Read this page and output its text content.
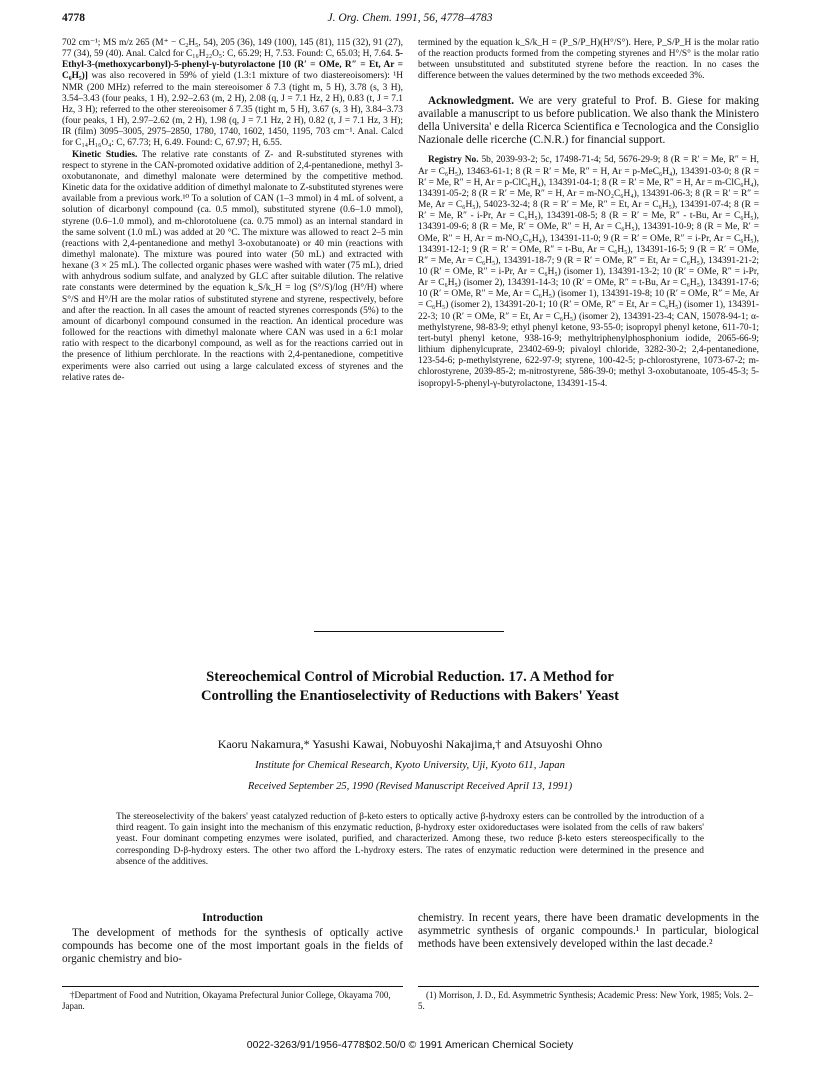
4778	J. Org. Chem. 1991, 56, 4778–4783

702 cm⁻¹; MS m/z 265 (M⁺ − C₂H₅, 54), 205 (36), 149 (100), 145 (81), 115 (32), 91 (27), 77 (34), 59 (40). Anal. Calcd for C₁₆H₂₂O₅: C, 65.29; H, 7.53. Found: C, 65.03; H, 7.64. 5-Ethyl-3-(methoxycarbonyl)-5-phenyl-γ-butyrolactone [10 (R′ = OMe, R″ = Et, Ar = C₆H₅)] was also recovered in 59% of yield (1.3:1 mixture of two diastereoisomers): ¹H NMR (200 MHz) referred to the main stereoisomer δ 7.3 (tight m, 5 H), 3.78 (s, 3 H), 3.54–3.43 (four peaks, 1 H), 2.92–2.63 (m, 2 H), 2.08 (q, J = 7.1 Hz, 2 H), 0.83 (t, J = 7.1 Hz, 3 H); referred to the other stereoisomer δ 7.35 (tight m, 5 H), 3.67 (s, 3 H), 3.84–3.73 (four peaks, 1 H), 2.97–2.62 (m, 2 H), 1.98 (q, J = 7.1 Hz, 2 H), 0.82 (t, J = 7.1 Hz, 3 H); IR (film) 3095–3005, 2975–2850, 1780, 1740, 1602, 1450, 1195, 703 cm⁻¹. Anal. Calcd for C₁₄H₁₆O₄: C, 67.73; H, 6.49. Found: C, 67.97; H, 6.55.

Kinetic Studies. The relative rate constants of Z- and R-substituted styrenes with respect to styrene in the CAN-promoted oxidative addition of 2,4-pentanedione, methyl 3-oxobutanonate, and dimethyl malonate were determined by the competitive method. Kinetic data for the oxidative addition of dimethyl malonate to Z-substituted styrenes were available from a previous work.¹⁰ To a solution of CAN (1–3 mmol) in 4 mL of solvent, a solution of dicarbonyl compound (ca. 0.5 mmol), substituted styrene (0.6–1.0 mmol), styrene (0.6–1.0 mmol), and m-chlorotoluene (ca. 0.75 mmol) as an internal standard in the same solvent (1.0 mL) was added at 20 °C. The mixture was allowed to react 2–5 min (reactions with 2,4-pentanedione and methyl 3-oxobutanoate) or 40 min (reactions with dimethyl malonate). The mixture was poured into water (50 mL) and extracted with hexane (3 × 25 mL). The collected organic phases were washed with water (75 mL), dried with anhydrous sodium sulfate, and analyzed by GLC after suitable dilution. The relative rate constants were determined by the equation k_S/k_H = log (S°/S)/log (H°/H) where S°/S and H°/H are the molar ratios of substituted styrene and styrene, respectively, before and after the reaction. In all cases the amount of reacted styrenes corresponds (5%) to the amount of dicarbonyl compound consumed in the reaction. An identical procedure was followed for the reactions with dimethyl malonate where CAN was used in a 6:1 molar ratio with respect to the dicarbonyl compound, as well as for the reactions carried out in the presence of lithium perchlorate. In the reactions with 2,4-pentanedione, competitive experiments were also carried out using a large calculated excess of styrenes and the relative rates de-

termined by the equation k_S/k_H = (P_S/P_H)(H°/S°). Here, P_S/P_H is the molar ratio of the reaction products formed from the competing styrenes and H°/S° is the molar ratio between unsubstituted and substituted styrene before the reaction. In no cases the difference between the values determined by the two methods exceeded 3%.

Acknowledgment. We are very grateful to Prof. B. Giese for making available a manuscript to us before publication. We also thank the Ministero della Universita' e della Ricerca Scientifica e Tecnologica and the Consiglio Nazionale delle ricerche (C.N.R.) for financial support.

Registry No. 5b, 2039-93-2; 5c, 17498-71-4; 5d, 5676-29-9; 8 (R = R′ = Me, R″ = H, Ar = C₆H₅), 13463-61-1; 8 (R = R′ = Me, R″ = H, Ar = p-MeC₆H₄), 134391-03-0; 8 (R = R′ = Me, R″ = H, Ar = p-ClC₆H₄), 134391-04-1; 8 (R = R′ = Me, R″ = H, Ar = m-ClC₆H₄), 134391-05-2; 8 (R = R′ = Me, R″ = H, Ar = m-NO₂C₆H₄), 134391-06-3; 8 (R = R′ = R″ = Me, Ar = C₆H₅), 54023-32-4; 8 (R = R′ = Me, R″ = Et, Ar = C₆H₅), 134391-07-4; 8 (R = R′ = Me, R″ - i-Pr, Ar = C₆H₅), 134391-08-5; 8 (R = R′ = Me, R″ - t-Bu, Ar = C₆H₅), 134391-09-6; 8 (R = Me, R′ = OMe, R″ = H, Ar = C₆H₅), 134391-10-9; 8 (R = Me, R′ = OMe, R″ = H, Ar = m-NO₂C₆H₄), 134391-11-0; 9 (R = R′ = OMe, R″ = i-Pr, Ar = C₆H₅), 134391-12-1; 9 (R = R′ = OMe, R″ = t-Bu, Ar = C₆H₅), 134391-16-5; 9 (R = R′ = OMe, R″ = Me, Ar = C₆H₅), 134391-18-7; 9 (R = R′ = OMe, R″ = Et, Ar = C₆H₅), 134391-21-2; 10 (R′ = OMe, R″ = i-Pr, Ar = C₆H₅) (isomer 1), 134391-13-2; 10 (R′ = OMe, R″ = i-Pr, Ar = C₆H₅) (isomer 2), 134391-14-3; 10 (R′ = OMe, R″ = t-Bu, Ar = C₆H₅), 134391-17-6; 10 (R′ = OMe, R″ = Me, Ar = C₆H₅) (isomer 1), 134391-19-8; 10 (R′ = OMe, R″ = Me, Ar = C₆H₅) (isomer 2), 134391-20-1; 10 (R′ = OMe, R″ = Et, Ar = C₆H₅) (isomer 1), 134391-22-3; 10 (R′ = OMe, R″ = Et, Ar = C₆H₅) (isomer 2), 134391-23-4; CAN, 15078-94-1; α-methylstyrene, 98-83-9; ethyl phenyl ketone, 93-55-0; isopropyl phenyl ketone, 611-70-1; tert-butyl phenyl ketone, 938-16-9; methyltriphenylphosphonium iodide, 2065-66-9; lithium diphenylcuprate, 23402-69-9; pivaloyl chloride, 3282-30-2; 2,4-pentanedione, 123-54-6; p-methylstyrene, 622-97-9; styrene, 100-42-5; p-chlorostyrene, 1073-67-2; m-chlorostyrene, 2039-85-2; m-nitrostyrene, 586-39-0; methyl 3-oxobutanoate, 105-45-3; 5-isopropyl-5-phenyl-γ-butyrolactone, 134391-15-4.

Stereochemical Control of Microbial Reduction. 17. A Method for
Controlling the Enantioselectivity of Reductions with Bakers' Yeast
Kaoru Nakamura,* Yasushi Kawai, Nobuyoshi Nakajima,† and Atsuyoshi Ohno
Institute for Chemical Research, Kyoto University, Uji, Kyoto 611, Japan
Received September 25, 1990 (Revised Manuscript Received April 13, 1991)
The stereoselectivity of the bakers' yeast catalyzed reduction of β-keto esters to optically active β-hydroxy esters can be controlled by the introduction of a third reagent. To gain insight into the mechanism of this enzymatic reduction, β-hydroxy ester oxidoreductases were isolated from the cells of raw bakers' yeast. Four dominant competing enzymes were isolated, purified, and characterized. Among these, two reduce β-keto esters stereospecifically to the corresponding D-β-hydroxy esters. The other two afford the L-hydroxy esters. The rates of enzymatic reduction were determined in the presence and absence of the additives.
Introduction
The development of methods for the synthesis of optically active compounds has become one of the most important goals in the fields of organic chemistry and bio-
chemistry. In recent years, there have been dramatic developments in the asymmetric synthesis of organic compounds.¹ In particular, biological methods have been extensively developed within the last decade.²
†Department of Food and Nutrition, Okayama Prefectural Junior College, Okayama 700, Japan.
(1) Morrison, J. D., Ed. Asymmetric Synthesis; Academic Press: New York, 1985; Vols. 2–5.
0022-3263/91/1956-4778$02.50/0 © 1991 American Chemical Society
